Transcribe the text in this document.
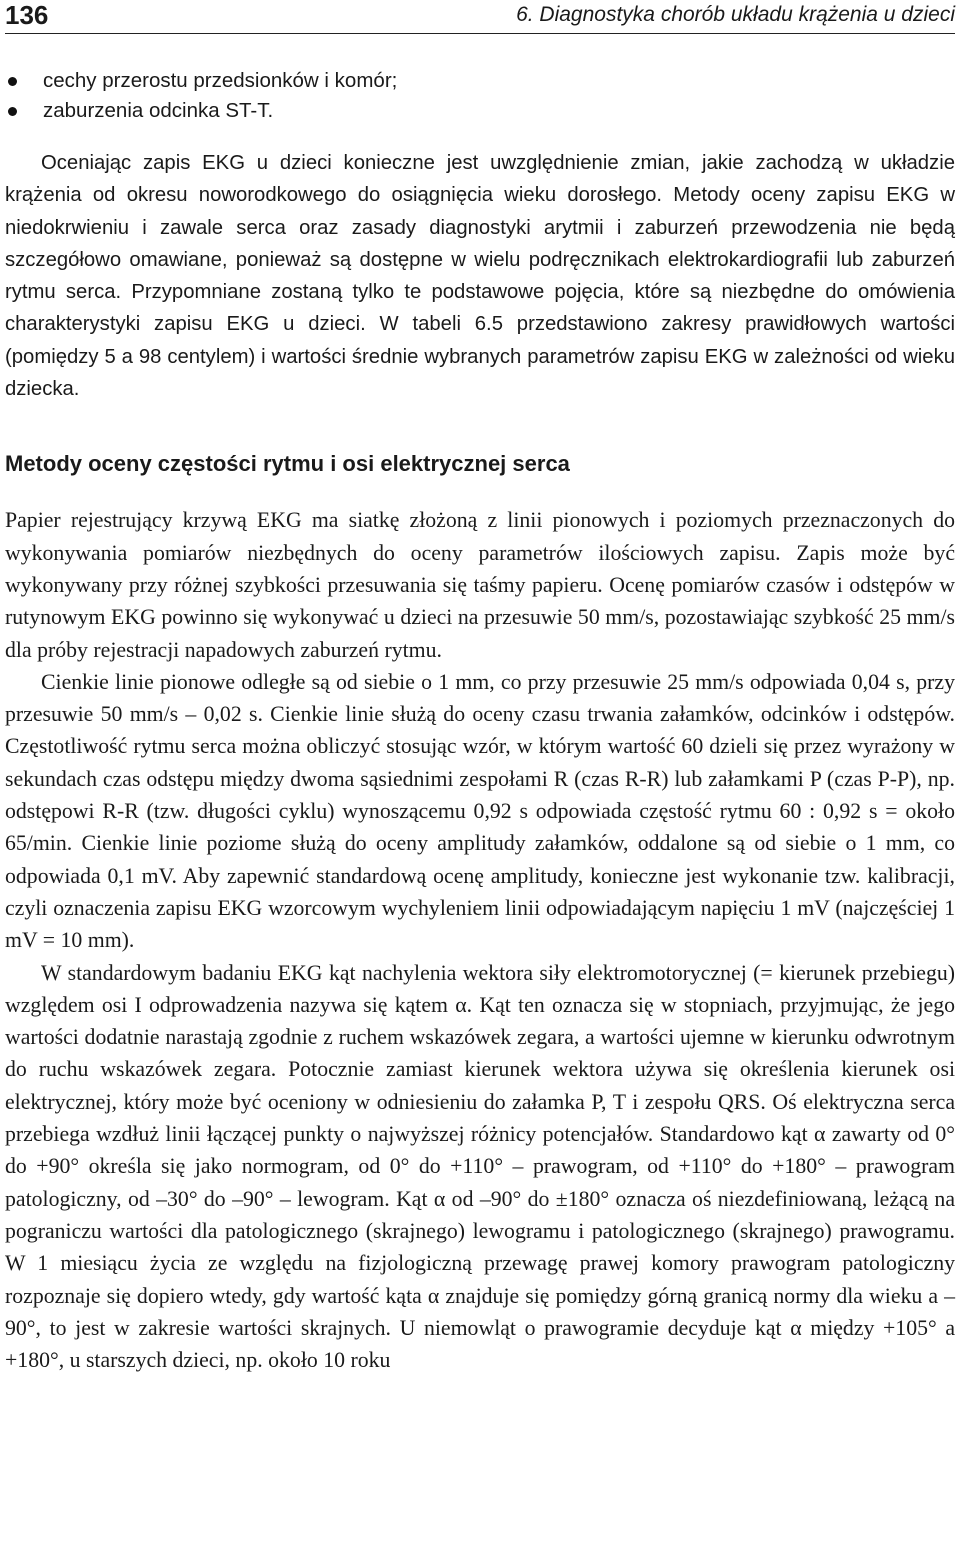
136	6. Diagnostyka chorób układu krążenia u dzieci
cechy przerostu przedsionków i komór;
zaburzenia odcinka ST-T.

Oceniając zapis EKG u dzieci konieczne jest uwzględnienie zmian, jakie zachodzą w układzie krążenia od okresu noworodkowego do osiągnięcia wieku dorosłego. Metody oceny zapisu EKG w niedokrwieniu i zawale serca oraz zasady diagnostyki arytmii i zaburzeń przewodzenia nie będą szczegółowo omawiane, ponieważ są dostępne w wielu podręcznikach elektrokardiografii lub zaburzeń rytmu serca. Przypomniane zostaną tylko te podstawowe pojęcia, które są niezbędne do omówienia charakterystyki zapisu EKG u dzieci. W tabeli 6.5 przedstawiono zakresy prawidłowych wartości (pomiędzy 5 a 98 centylem) i wartości średnie wybranych parametrów zapisu EKG w zależności od wieku dziecka.

Metody oceny częstości rytmu i osi elektrycznej serca

Papier rejestrujący krzywą EKG ma siatkę złożoną z linii pionowych i poziomych przeznaczonych do wykonywania pomiarów niezbędnych do oceny parametrów ilościowych zapisu. Zapis może być wykonywany przy różnej szybkości przesuwania się taśmy papieru. Ocenę pomiarów czasów i odstępów w rutynowym EKG powinno się wykonywać u dzieci na przesuwie 50 mm/s, pozostawiając szybkość 25 mm/s dla próby rejestracji napadowych zaburzeń rytmu.

Cienkie linie pionowe odległe są od siebie o 1 mm, co przy przesuwie 25 mm/s odpowiada 0,04 s, przy przesuwie 50 mm/s – 0,02 s. Cienkie linie służą do oceny czasu trwania załamków, odcinków i odstępów. Częstotliwość rytmu serca można obliczyć stosując wzór, w którym wartość 60 dzieli się przez wyrażony w sekundach czas odstępu między dwoma sąsiednimi zespołami R (czas R-R) lub załamkami P (czas P-P), np. odstępowi R-R (tzw. długości cyklu) wynoszącemu 0,92 s odpowiada częstość rytmu 60 : 0,92 s = około 65/min. Cienkie linie poziome służą do oceny amplitudy załamków, oddalone są od siebie o 1 mm, co odpowiada 0,1 mV. Aby zapewnić standardową ocenę amplitudy, konieczne jest wykonanie tzw. kalibracji, czyli oznaczenia zapisu EKG wzorcowym wychyleniem linii odpowiadającym napięciu 1 mV (najczęściej 1 mV = 10 mm).

W standardowym badaniu EKG kąt nachylenia wektora siły elektromotorycznej (= kierunek przebiegu) względem osi I odprowadzenia nazywa się kątem α. Kąt ten oznacza się w stopniach, przyjmując, że jego wartości dodatnie narastają zgodnie z ruchem wskazówek zegara, a wartości ujemne w kierunku odwrotnym do ruchu wskazówek zegara. Potocznie zamiast kierunek wektora używa się określenia kierunek osi elektrycznej, który może być oceniony w odniesieniu do załamka P, T i zespołu QRS. Oś elektryczna serca przebiega wzdłuż linii łączącej punkty o najwyższej różnicy potencjałów. Standardowo kąt α zawarty od 0° do +90° określa się jako normogram, od 0° do +110° – prawogram, od +110° do +180° – prawogram patologiczny, od –30° do –90° – lewogram. Kąt α od –90° do ±180° oznacza oś niezdefiniowaną, leżącą na pograniczu wartości dla patologicznego (skrajnego) lewogramu i patologicznego (skrajnego) prawogramu. W 1 miesiącu życia ze względu na fizjologiczną przewagę prawej komory prawogram patologiczny rozpoznaje się dopiero wtedy, gdy wartość kąta α znajduje się pomiędzy górną granicą normy dla wieku a –90°, to jest w zakresie wartości skrajnych. U niemowląt o prawogramie decyduje kąt α między +105° a +180°, u starszych dzieci, np. około 10 roku
